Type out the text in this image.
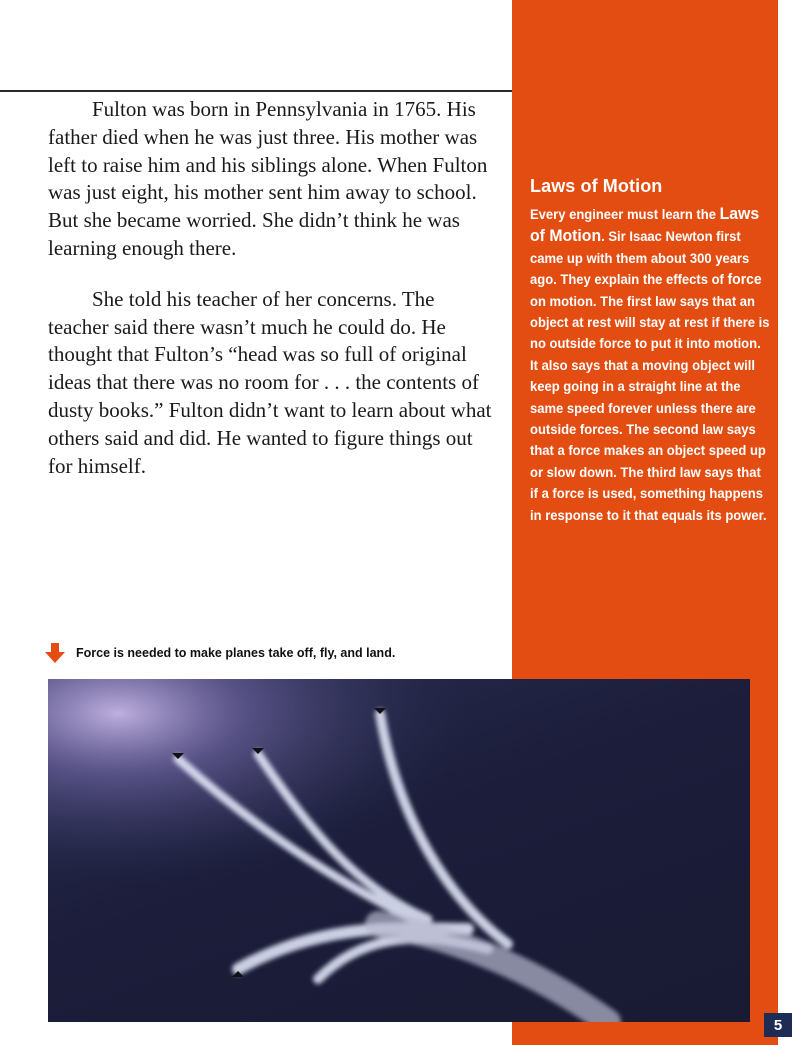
Fulton was born in Pennsylvania in 1765. His father died when he was just three. His mother was left to raise him and his siblings alone. When Fulton was just eight, his mother sent him away to school. But she became worried. She didn’t think he was learning enough there.

She told his teacher of her concerns. The teacher said there wasn’t much he could do. He thought that Fulton’s “head was so full of original ideas that there was no room for . . . the contents of dusty books.” Fulton didn’t want to learn about what others said and did. He wanted to figure things out for himself.

Laws of Motion
Every engineer must learn the Laws of Motion. Sir Isaac Newton first came up with them about 300 years ago. They explain the effects of force on motion. The first law says that an object at rest will stay at rest if there is no outside force to put it into motion. It also says that a moving object will keep going in a straight line at the same speed forever unless there are outside forces. The second law says that a force makes an object speed up or slow down. The third law says that if a force is used, something happens in response to it that equals its power.
Force is needed to make planes take off, fly, and land.
5
